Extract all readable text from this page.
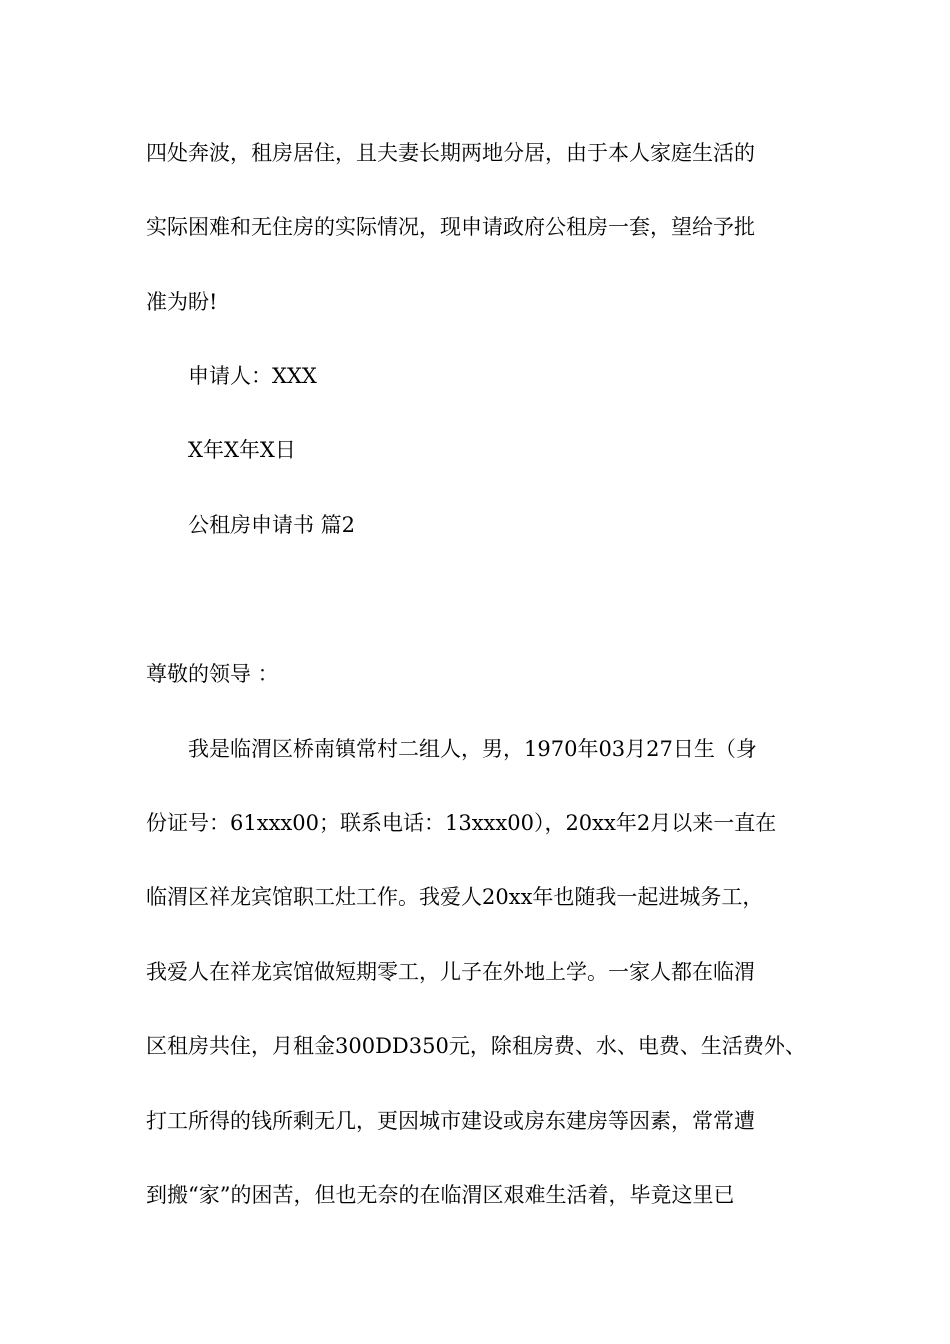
四处奔波，租房居住，且夫妻长期两地分居，由于本人家庭生活的
实际困难和无住房的实际情况，现申请政府公租房一套，望给予批
准为盼!
申请人：XXX
X年X年X日
公租房申请书 篇2
尊敬的领导 ：
我是临渭区桥南镇常村二组人，男，1970年03月27日生（身
份证号：61xxx00；联系电话：13xxx00），20xx年2月以来一直在
临渭区祥龙宾馆职工灶工作。我爱人20xx年也随我一起进城务工，
我爱人在祥龙宾馆做短期零工，儿子在外地上学。一家人都在临渭
区租房共住，月租金300DD350元，除租房费、水、电费、生活费外、
打工所得的钱所剩无几，更因城市建设或房东建房等因素，常常遭
到搬“家”的困苦，但也无奈的在临渭区艰难生活着，毕竟这里已
